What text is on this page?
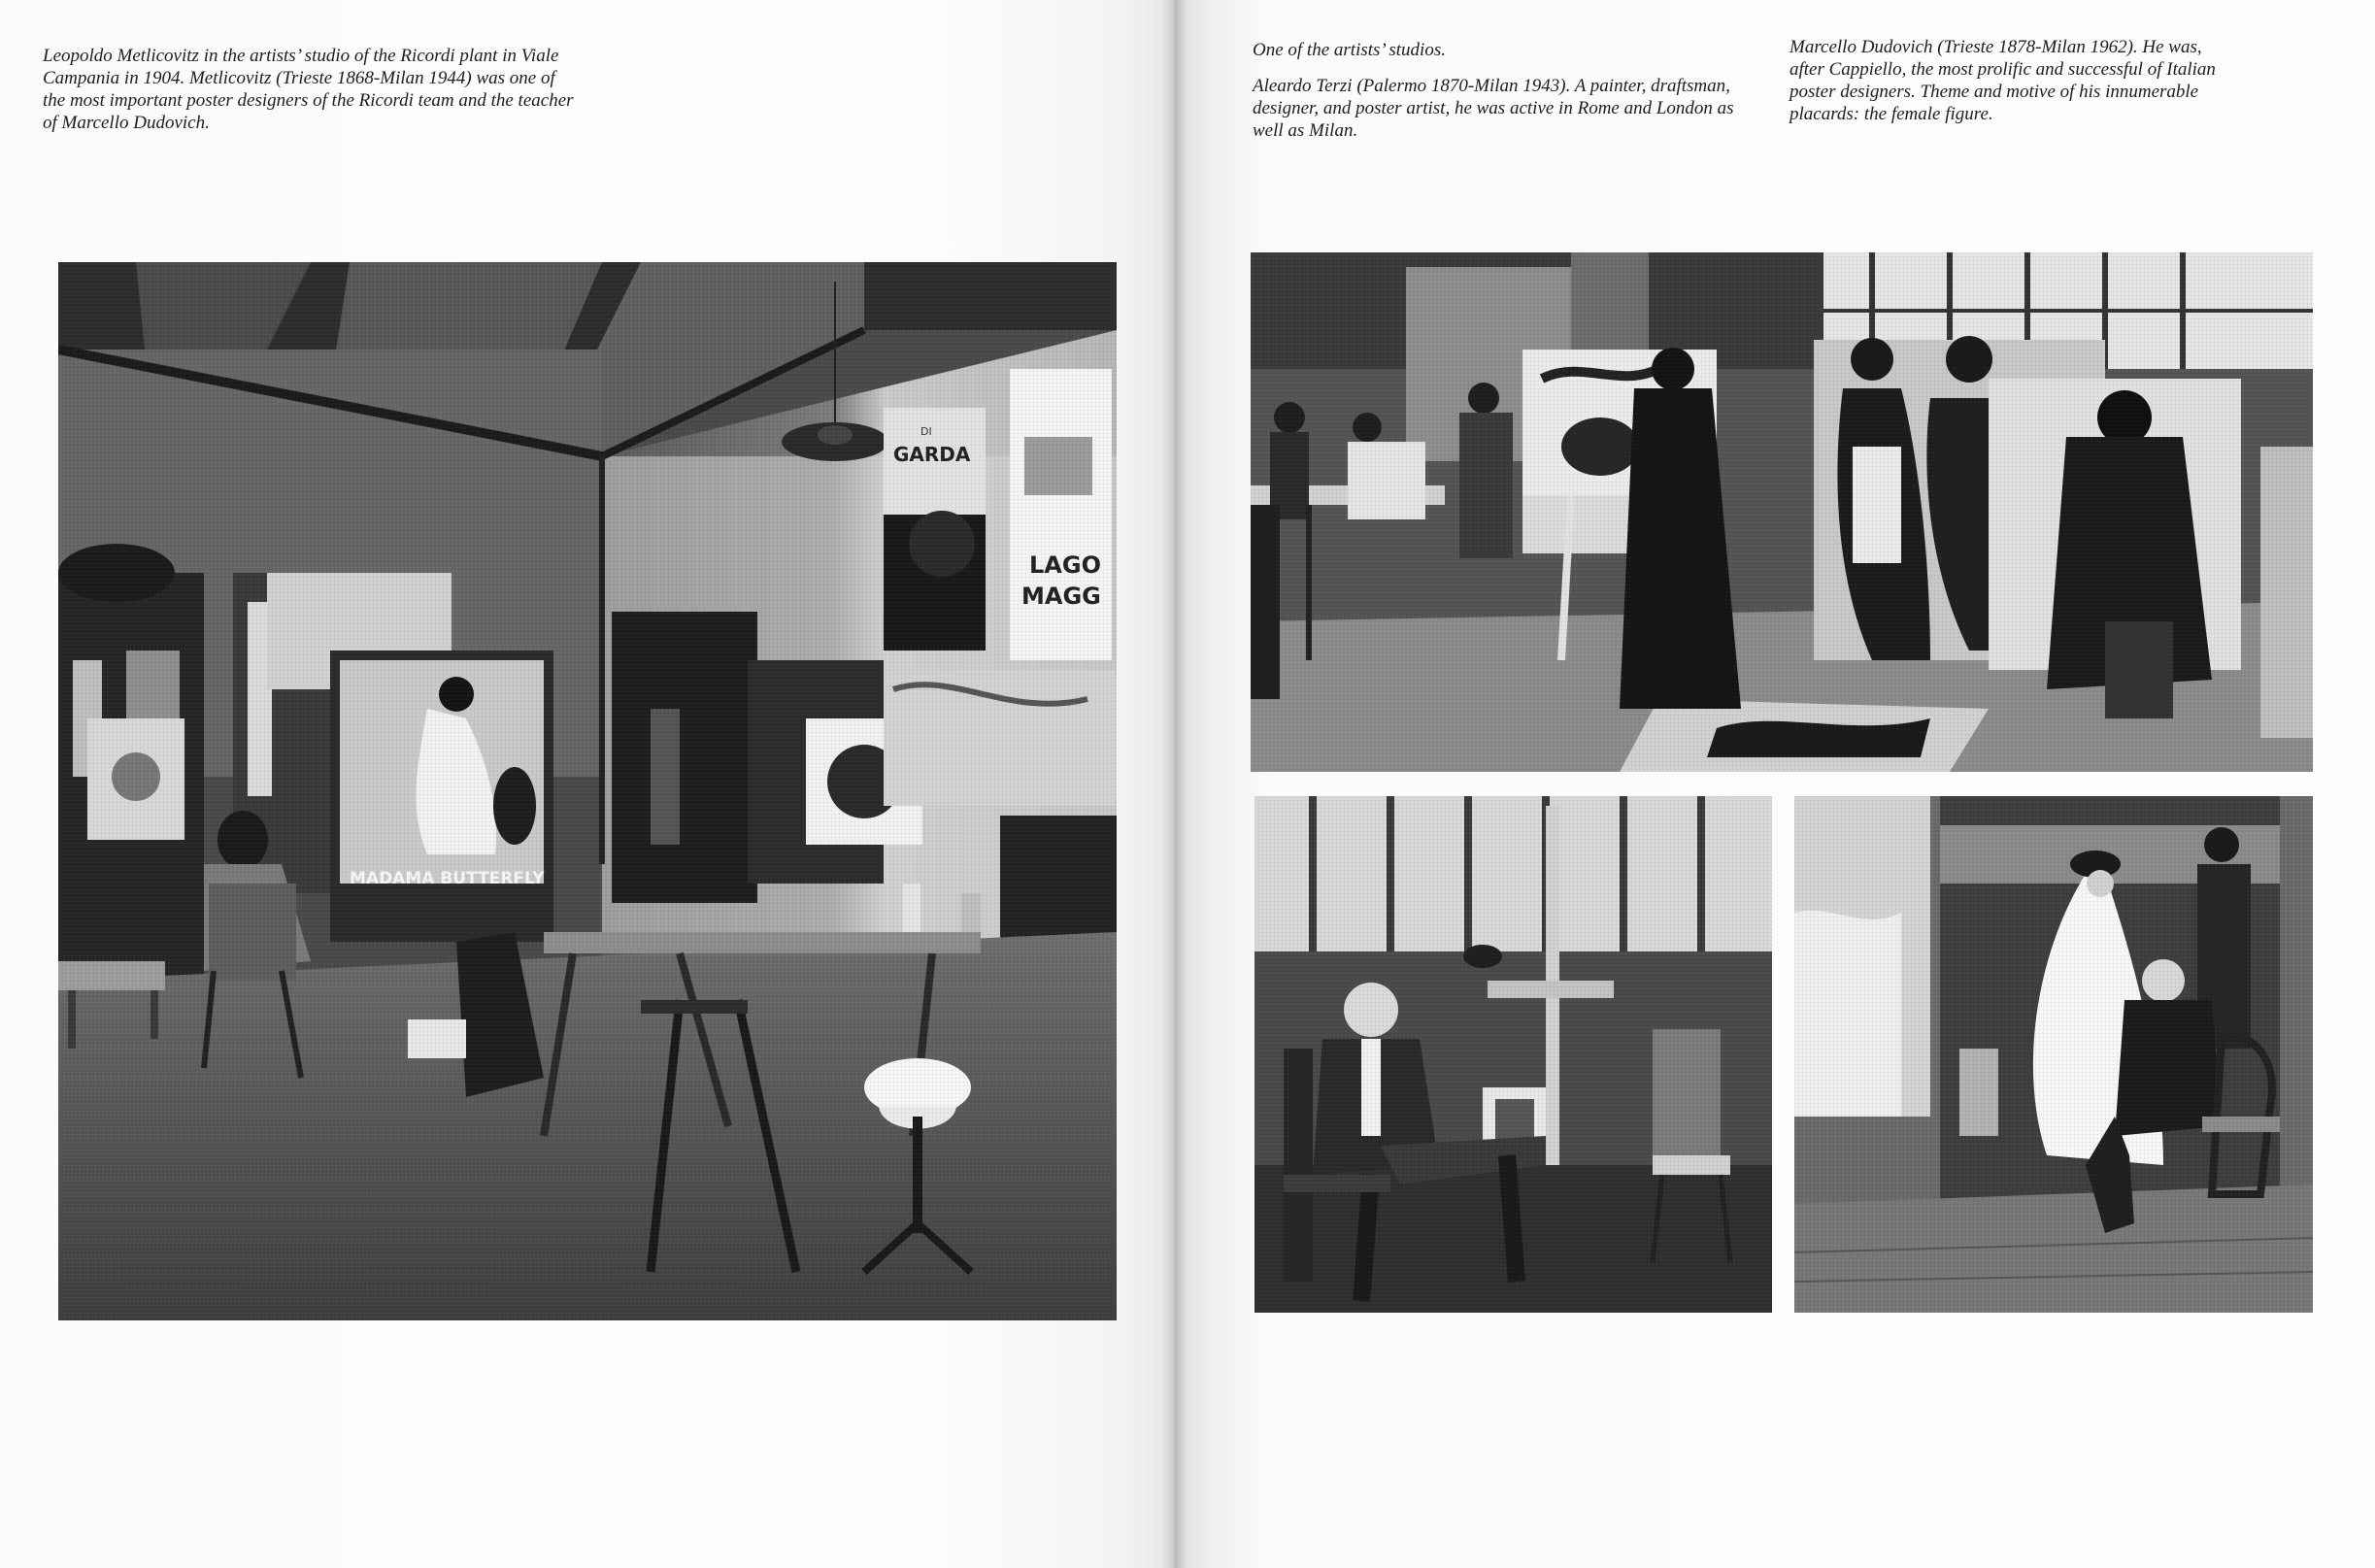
Leopoldo Metlicovitz in the artists’ studio of the Ricordi plant in Viale Campania in 1904. Metlicovitz (Trieste 1868-Milan 1944) was one of the most important poster designers of the Ricordi team and the teacher of Marcello Dudovich.

One of the artists’ studios.

Aleardo Terzi (Palermo 1870-Milan 1943). A painter, draftsman, designer, and poster artist, he was active in Rome and London as well as Milan.

Marcello Dudovich (Trieste 1878-Milan 1962). He was, after Cappiello, the most prolific and successful of Italian poster designers. Theme and motive of his innumerable placards: the female figure.
